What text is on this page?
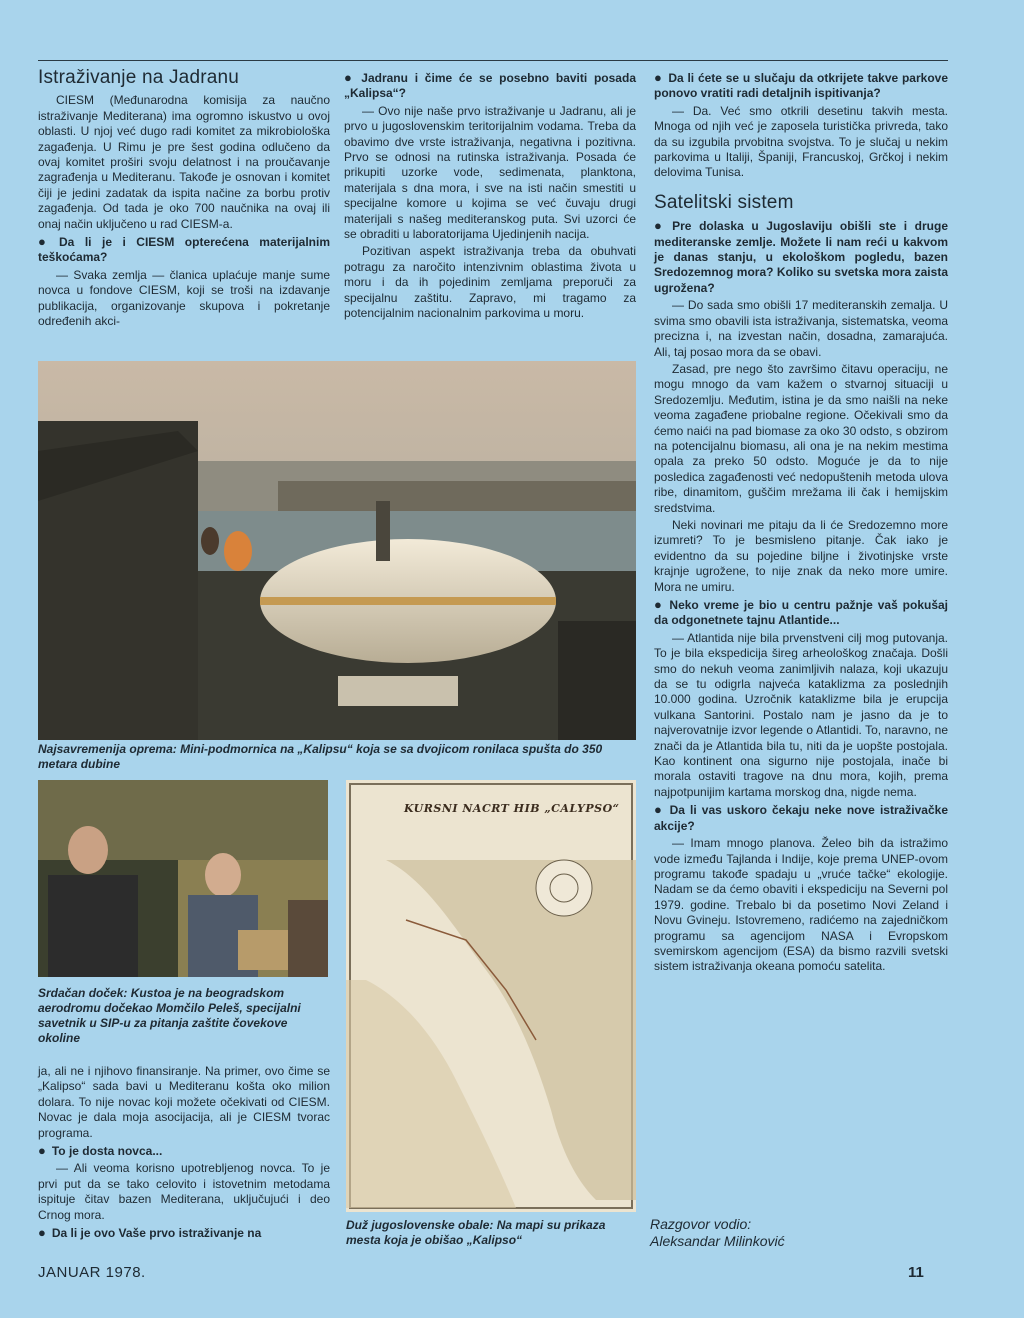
Istraživanje na Jadranu

CIESM (Međunarodna komisija za naučno istraživanje Mediterana) ima ogromno iskustvo u ovoj oblasti. U njoj već dugo radi komitet za mikrobiološka zagađenja. U Rimu je pre šest godina odlučeno da ovaj komitet proširi svoju delatnost i na proučavanje zagrađenja u Mediteranu. Takođe je osnovan i komitet čiji je jedini zadatak da ispita načine za borbu protiv zagađenja. Od tada je oko 700 naučnika na ovaj ili onaj način uključeno u rad CIESM-a.

● Da li je i CIESM opterećena materijalnim teškoćama?

— Svaka zemlja — članica uplaćuje manje sume novca u fondove CIESM, koji se troši na izdavanje publikacija, organizovanje skupova i pokretanje određenih akci-

● Jadranu i čime će se posebno baviti posada „Kalipsa“?

— Ovo nije naše prvo istraživanje u Jadranu, ali je prvo u jugoslovenskim teritorijalnim vodama. Treba da obavimo dve vrste istraživanja, negativna i pozitivna. Prvo se odnosi na rutinska istraživanja. Posada će prikupiti uzorke vode, sedimenata, planktona, materijala s dna mora, i sve na isti način smestiti u specijalne komore u kojima se već čuvaju drugi materijali s našeg mediteranskog puta. Svi uzorci će se obraditi u laboratorijama Ujedinjenih nacija.

Pozitivan aspekt istraživanja treba da obuhvati potragu za naročito intenzivnim oblastima života u moru i da ih pojedinim zemljama preporuči za specijalnu zaštitu. Zapravo, mi tragamo za potencijalnim nacionalnim parkovima u moru.

● Da li ćete se u slučaju da otkrijete takve parkove ponovo vratiti radi detaljnih ispitivanja?

— Da. Već smo otkrili desetinu takvih mesta. Mnoga od njih već je zaposela turistička privreda, tako da su izgubila prvobitna svojstva. To je slučaj u nekim parkovima u Italiji, Španiji, Francuskoj, Grčkoj i nekim delovima Tunisa.

Satelitski sistem

● Pre dolaska u Jugoslaviju obišli ste i druge mediteranske zemlje. Možete li nam reći u kakvom je danas stanju, u ekološkom pogledu, bazen Sredozemnog mora? Koliko su svetska mora zaista ugrožena?

— Do sada smo obišli 17 mediteranskih zemalja. U svima smo obavili ista istraživanja, sistematska, veoma precizna i, na izvestan način, dosadna, zamarajuća. Ali, taj posao mora da se obavi.

Zasad, pre nego što završimo čitavu operaciju, ne mogu mnogo da vam kažem o stvarnoj situaciji u Sredozemlju. Međutim, istina je da smo naišli na neke veoma zagađene priobalne regione. Očekivali smo da ćemo naići na pad biomase za oko 30 odsto, s obzirom na potencijalnu biomasu, ali ona je na nekim mestima opala za preko 50 odsto. Moguće je da to nije posledica zagađenosti već nedopuštenih metoda ulova ribe, dinamitom, guščim mrežama ili čak i hemijskim sredstvima.

Neki novinari me pitaju da li će Sredozemno more izumreti? To je besmisleno pitanje. Čak iako je evidentno da su pojedine biljne i životinjske vrste krajnje ugrožene, to nije znak da neko more umire. Mora ne umiru.

● Neko vreme je bio u centru pažnje vaš pokušaj da odgonetnete tajnu Atlantide...

— Atlantida nije bila prvenstveni cilj mog putovanja. To je bila ekspedicija šireg arheološkog značaja. Došli smo do nekuh veoma zanimljivih nalaza, koji ukazuju da se tu odigrla najveća kataklizma za poslednjih 10.000 godina. Uzročnik kataklizme bila je erupcija vulkana Santorini. Postalo nam je jasno da je to najverovatnije izvor legende o Atlantidi. To, naravno, ne znači da je Atlantida bila tu, niti da je uopšte postojala. Kao kontinent ona sigurno nije postojala, inače bi morala ostaviti tragove na dnu mora, kojih, prema najpotpunijim kartama morskog dna, nigde nema.

● Da li vas uskoro čekaju neke nove istraživačke akcije?

— Imam mnogo planova. Želeo bih da istražimo vode između Tajlanda i Indije, koje prema UNEP-ovom programu takođe spadaju u „vruće tačke“ ekologije. Nadam se da ćemo obaviti i ekspediciju na Severni pol 1979. godine. Trebalo bi da posetimo Novi Zeland i Novu Gvineju. Istovremeno, radićemo na zajedničkom programu sa agencijom NASA i Evropskom svemirskom agencijom (ESA) da bismo razvili svetski sistem istraživanja okeana pomoću satelita.

Najsavremenija oprema: Mini-podmornica na „Kalipsu“ koja se sa dvojicom ronilaca spušta do 350 metara dubine
Srdačan doček: Kustoa je na beogradskom aerodromu dočekao Momčilo Peleš, specijalni savetnik u SIP-u za pitanja zaštite čovekove okoline
KURSNI NACRT HIB „CALYPSO“
Duž jugoslovenske obale: Na mapi su prikaza mesta koja je obišao „Kalipso“

ja, ali ne i njihovo finansiranje. Na primer, ovo čime se „Kalipso“ sada bavi u Mediteranu košta oko milion dolara. To nije novac koji možete očekivati od CIESM. Novac je dala moja asocijacija, ali je CIESM tvorac programa.

● To je dosta novca...

— Ali veoma korisno upotrebljenog novca. To je prvi put da se tako celovito i istovetnim metodama ispituje čitav bazen Mediterana, uključujući i deo Crnog mora.

● Da li je ovo Vaše prvo istraživanje na

Razgovor vodio:
Aleksandar Milinković
JANUAR 1978.	11
